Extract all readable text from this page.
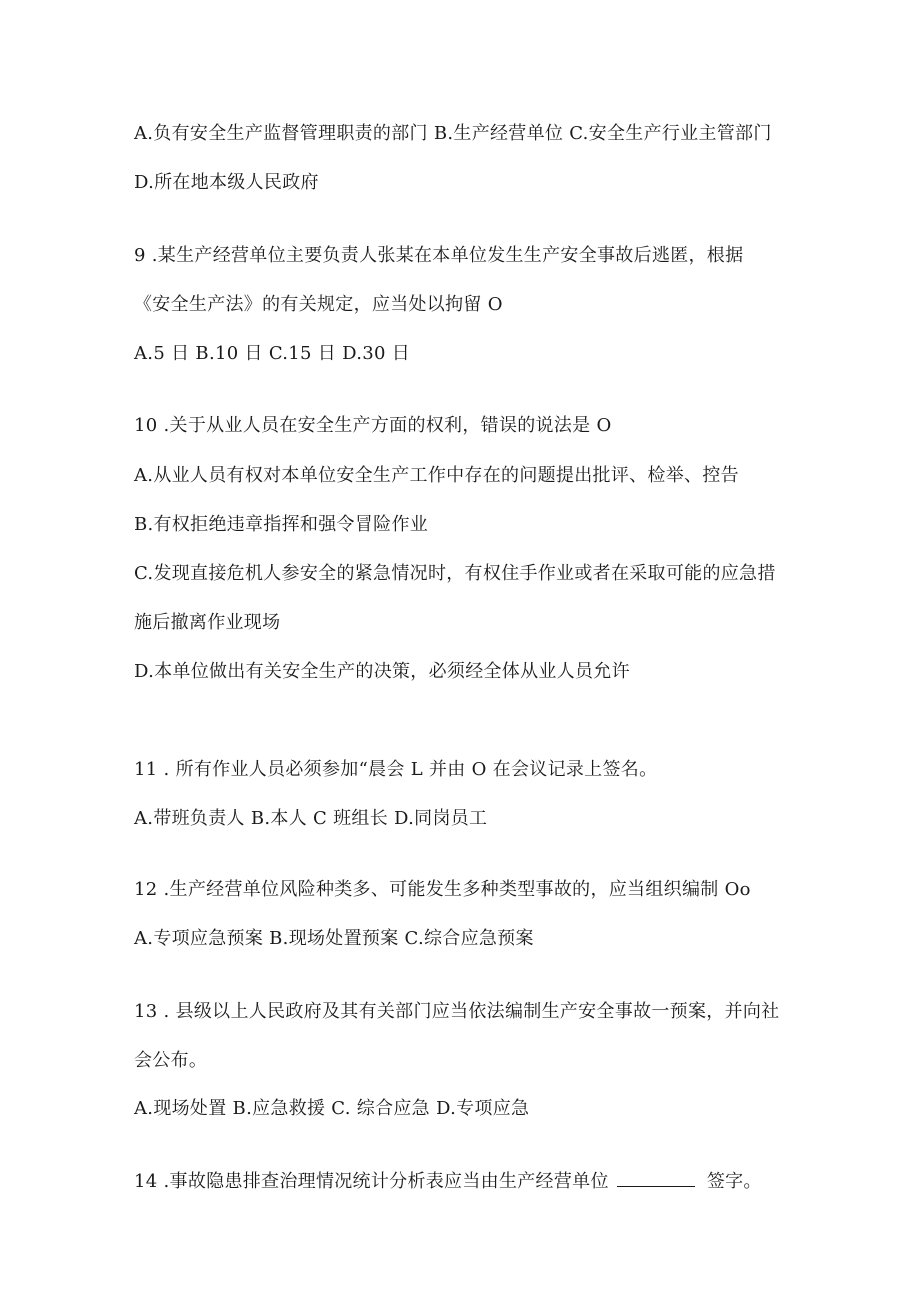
A.负有安全生产监督管理职责的部门 B.生产经营单位 C.安全生产行业主管部门
D.所在地本级人民政府
9 .某生产经营单位主要负责人张某在本单位发生生产安全事故后逃匿，根据
《安全生产法》的有关规定，应当处以拘留 O
A.5 日 B.10 日 C.15 日 D.30 日
10 .关于从业人员在安全生产方面的权利，错误的说法是 O
A.从业人员有权对本单位安全生产工作中存在的问题提出批评、检举、控告
B.有权拒绝违章指挥和强令冒险作业
C.发现直接危机人参安全的紧急情况时，有权住手作业或者在采取可能的应急措
施后撤离作业现场
D.本单位做出有关安全生产的决策，必须经全体从业人员允许
11 . 所有作业人员必须参加“晨会 L 并由 O 在会议记录上签名。
A.带班负责人 B.本人 C 班组长 D.同岗员工
12 .生产经营单位风险种类多、可能发生多种类型事故的，应当组织编制 Oo
A.专项应急预案 B.现场处置预案 C.综合应急预案
13 . 县级以上人民政府及其有关部门应当依法编制生产安全事故一预案，并向社
会公布。
A.现场处置 B.应急救援 C. 综合应急 D.专项应急
14 .事故隐患排查治理情况统计分析表应当由生产经营单位	签字。
